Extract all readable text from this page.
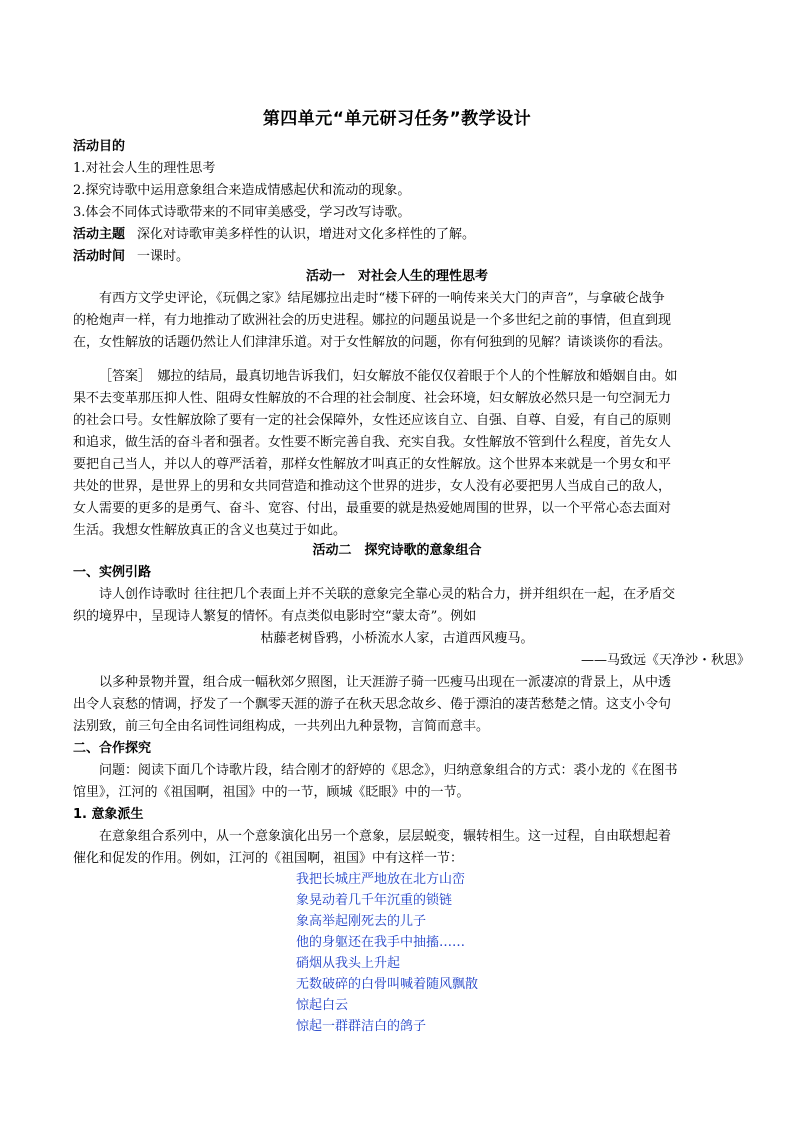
第四单元“单元研习任务”教学设计
活动目的
1.对社会人生的理性思考
2.探究诗歌中运用意象组合来造成情感起伏和流动的现象。
3.体会不同体式诗歌带来的不同审美感受，学习改写诗歌。
活动主题 深化对诗歌审美多样性的认识，增进对文化多样性的了解。
活动时间 一课时。
活动一　对社会人生的理性思考
有西方文学史评论，《玩偶之家》结尾娜拉出走时“楼下砰的一响传来关大门的声音”，与拿破仑战争
的枪炮声一样，有力地推动了欧洲社会的历史进程。娜拉的问题虽说是一个多世纪之前的事情，但直到现
在，女性解放的话题仍然让人们津津乐道。对于女性解放的问题，你有何独到的见解？请谈谈你的看法。
［答案］　娜拉的结局，最真切地告诉我们，妇女解放不能仅仅着眼于个人的个性解放和婚姻自由。如
果不去变革那压抑人性、阻碍女性解放的不合理的社会制度、社会环境，妇女解放必然只是一句空洞无力
的社会口号。女性解放除了要有一定的社会保障外，女性还应该自立、自强、自尊、自爱，有自己的原则
和追求，做生活的奋斗者和强者。女性要不断完善自我、充实自我。女性解放不管到什么程度，首先女人
要把自己当人，并以人的尊严活着，那样女性解放才叫真正的女性解放。这个世界本来就是一个男女和平
共处的世界，是世界上的男和女共同营造和推动这个世界的进步，女人没有必要把男人当成自己的敌人，
女人需要的更多的是勇气、奋斗、宽容、付出，最重要的就是热爱她周围的世界，以一个平常心态去面对
生活。我想女性解放真正的含义也莫过于如此。
活动二　探究诗歌的意象组合
一、实例引路
诗人创作诗歌时 往往把几个表面上并不关联的意象完全靠心灵的粘合力，拼并组织在一起，在矛盾交
织的境界中，呈现诗人繁复的情怀。有点类似电影时空“蒙太奇”。例如
枯藤老树昏鸦，小桥流水人家，古道西风瘦马。
——马致远《天净沙・秋思》
以多种景物并置，组合成一幅秋郊夕照图，让天涯游子骑一匹瘦马出现在一派凄凉的背景上，从中透
出令人哀愁的情调，抒发了一个飘零天涯的游子在秋天思念故乡、倦于漂泊的凄苦愁楚之情。这支小令句
法别致，前三句全由名词性词组构成，一共列出九种景物，言简而意丰。
二、合作探究
问题：阅读下面几个诗歌片段，结合刚才的舒婷的《思念》，归纳意象组合的方式：裘小龙的《在图书
馆里》，江河的《祖国啊，祖国》中的一节，顾城《眨眼》中的一节。
1. 意象派生
在意象组合系列中，从一个意象演化出另一个意象，层层蜕变，辗转相生。这一过程，自由联想起着
催化和促发的作用。例如，江河的《祖国啊，祖国》中有这样一节：
我把长城庄严地放在北方山峦
象晃动着几千年沉重的锁链
象高举起刚死去的儿子
他的身躯还在我手中抽搐……
硝烟从我头上升起
无数破碎的白骨叫喊着随风飘散
惊起白云
惊起一群群洁白的鸽子
